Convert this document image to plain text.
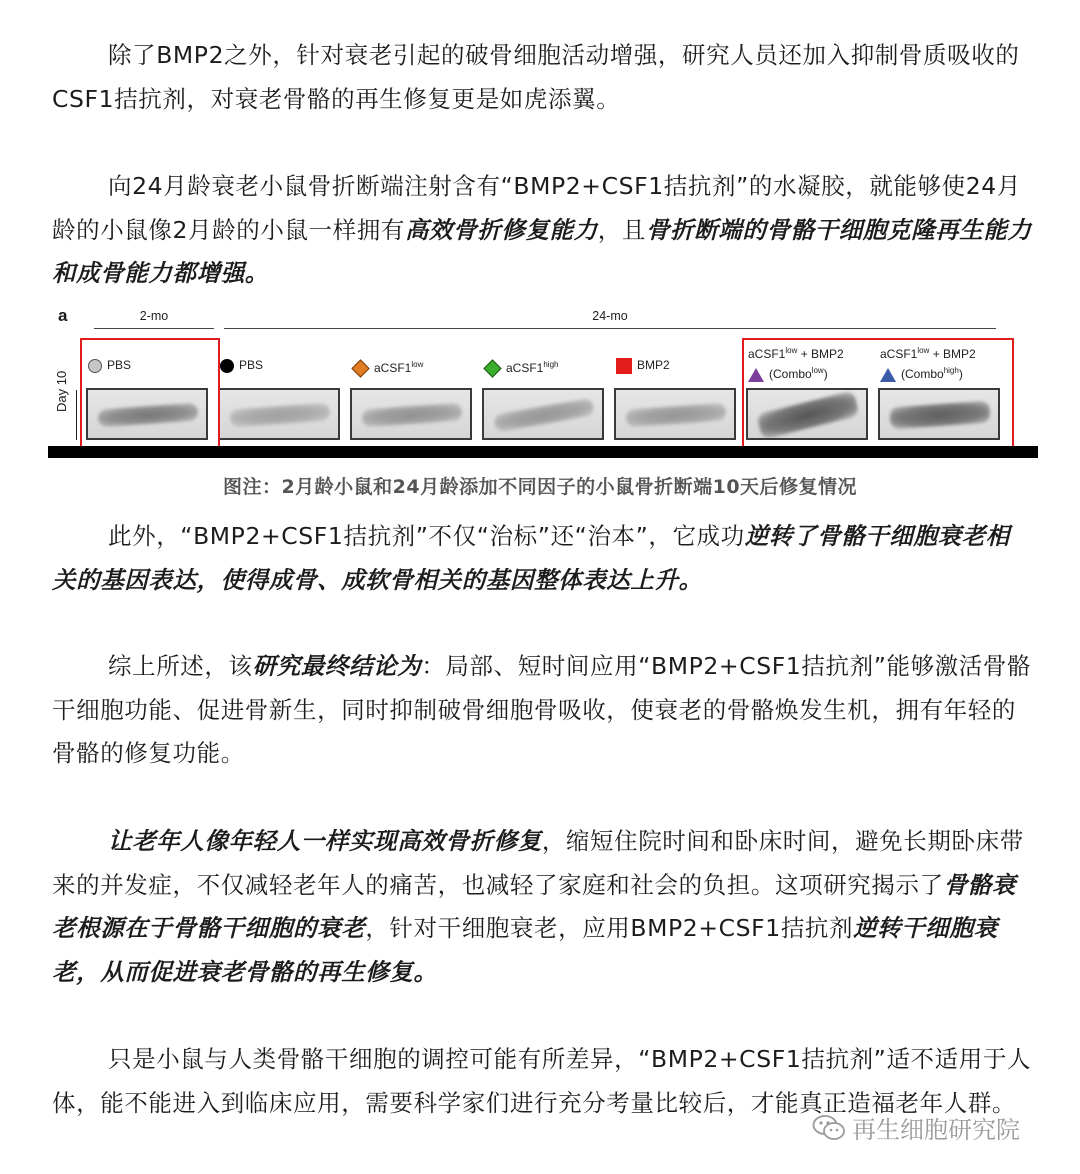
除了BMP2之外，针对衰老引起的破骨细胞活动增强，研究人员还加入抑制骨质吸收的CSF1拮抗剂，对衰老骨骼的再生修复更是如虎添翼。

向24月龄衰老小鼠骨折断端注射含有“BMP2+CSF1拮抗剂”的水凝胶，就能够使24月龄的小鼠像2月龄的小鼠一样拥有高效骨折修复能力，且骨折断端的骨骼干细胞克隆再生能力和成骨能力都增强。

a	2-mo	24-mo
Day 10
PBS	PBS	$aCSF1^{low}$	$aCSF1^{high}$	BMP2
$aCSF1^{low} + BMP2$
(Combo$^{low}$)
$aCSF1^{low} + BMP2$
(Combo$^{high}$)
图注：2月龄小鼠和24月龄添加不同因子的小鼠骨折断端10天后修复情况

此外，“BMP2+CSF1拮抗剂”不仅“治标”还“治本”，它成功逆转了骨骼干细胞衰老相关的基因表达，使得成骨、成软骨相关的基因整体表达上升。

综上所述，该研究最终结论为：局部、短时间应用“BMP2+CSF1拮抗剂”能够激活骨骼干细胞功能、促进骨新生，同时抑制破骨细胞骨吸收，使衰老的骨骼焕发生机，拥有年轻的骨骼的修复功能。

让老年人像年轻人一样实现高效骨折修复，缩短住院时间和卧床时间，避免长期卧床带来的并发症，不仅减轻老年人的痛苦，也减轻了家庭和社会的负担。这项研究揭示了骨骼衰老根源在于骨骼干细胞的衰老，针对干细胞衰老，应用BMP2+CSF1拮抗剂逆转干细胞衰老，从而促进衰老骨骼的再生修复。

只是小鼠与人类骨骼干细胞的调控可能有所差异，“BMP2+CSF1拮抗剂”适不适用于人体，能不能进入到临床应用，需要科学家们进行充分考量比较后，才能真正造福老年人群。

再生细胞研究院
